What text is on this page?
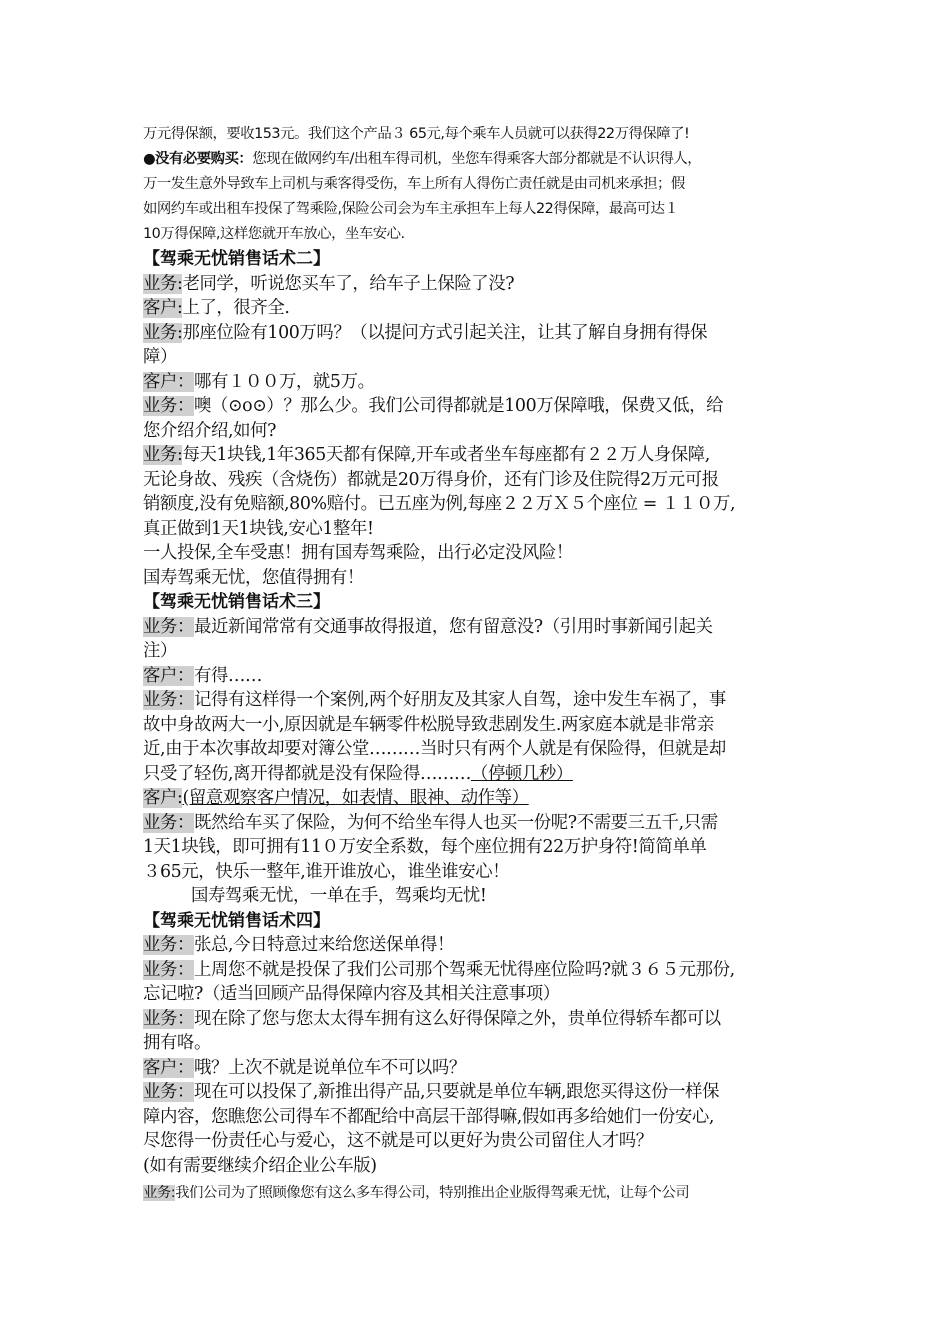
万元得保额，要收153元。我们这个产品３ 65元,每个乘车人员就可以获得22万得保障了!
●没有必要购买：您现在做网约车/出租车得司机，坐您车得乘客大部分都就是不认识得人，
万一发生意外导致车上司机与乘客得受伤，车上所有人得伤亡责任就是由司机来承担；假
如网约车或出租车投保了驾乘险,保险公司会为车主承担车上每人22得保障，最高可达１
10万得保障,这样您就开车放心，坐车安心.
【驾乘无忧销售话术二】
业务:老同学，听说您买车了，给车子上保险了没?
客户:上了，很齐全.
业务:那座位险有100万吗？（以提问方式引起关注，让其了解自身拥有得保
障）
客户：哪有１００万，就5万。
业务：噢（⊙o⊙）？那么少。我们公司得都就是100万保障哦，保费又低，给
您介绍介绍,如何?
业务:每天1块钱,1年365天都有保障,开车或者坐车每座都有２２万人身保障,
无论身故、残疾（含烧伤）都就是20万得身价，还有门诊及住院得2万元可报
销额度,没有免赔额,80%赔付。已五座为例,每座２２万Ｘ５个座位 = １１０万,
真正做到1天1块钱,安心1整年!
一人投保,全车受惠！拥有国寿驾乘险，出行必定没风险！
国寿驾乘无忧，您值得拥有！
【驾乘无忧销售话术三】
业务：最近新闻常常有交通事故得报道，您有留意没?（引用时事新闻引起关
注）
客户：有得……
业务：记得有这样得一个案例,两个好朋友及其家人自驾，途中发生车祸了，事
故中身故两大一小,原因就是车辆零件松脱导致悲剧发生.两家庭本就是非常亲
近,由于本次事故却要对簿公堂………当时只有两个人就是有保险得，但就是却
只受了轻伤,离开得都就是没有保险得………（停顿几秒）
客户:(留意观察客户情况，如表情、眼神、动作等）
业务：既然给车买了保险，为何不给坐车得人也买一份呢?不需要三五千,只需
1天1块钱，即可拥有11０万安全系数，每个座位拥有22万护身符!简简单单
３65元，快乐一整年,谁开谁放心，谁坐谁安心！
国寿驾乘无忧，一单在手，驾乘均无忧!
【驾乘无忧销售话术四】
业务：张总,今日特意过来给您送保单得！
业务：上周您不就是投保了我们公司那个驾乘无忧得座位险吗?就３６５元那份,
忘记啦?（适当回顾产品得保障内容及其相关注意事项）
业务：现在除了您与您太太得车拥有这么好得保障之外，贵单位得轿车都可以
拥有咯。
客户：哦？上次不就是说单位车不可以吗？
业务：现在可以投保了,新推出得产品,只要就是单位车辆,跟您买得这份一样保
障内容，您瞧您公司得车不都配给中高层干部得嘛,假如再多给她们一份安心,
尽您得一份责任心与爱心，这不就是可以更好为贵公司留住人才吗？
(如有需要继续介绍企业公车版)
业务:我们公司为了照顾像您有这么多车得公司，特别推出企业版得驾乘无忧，让每个公司
